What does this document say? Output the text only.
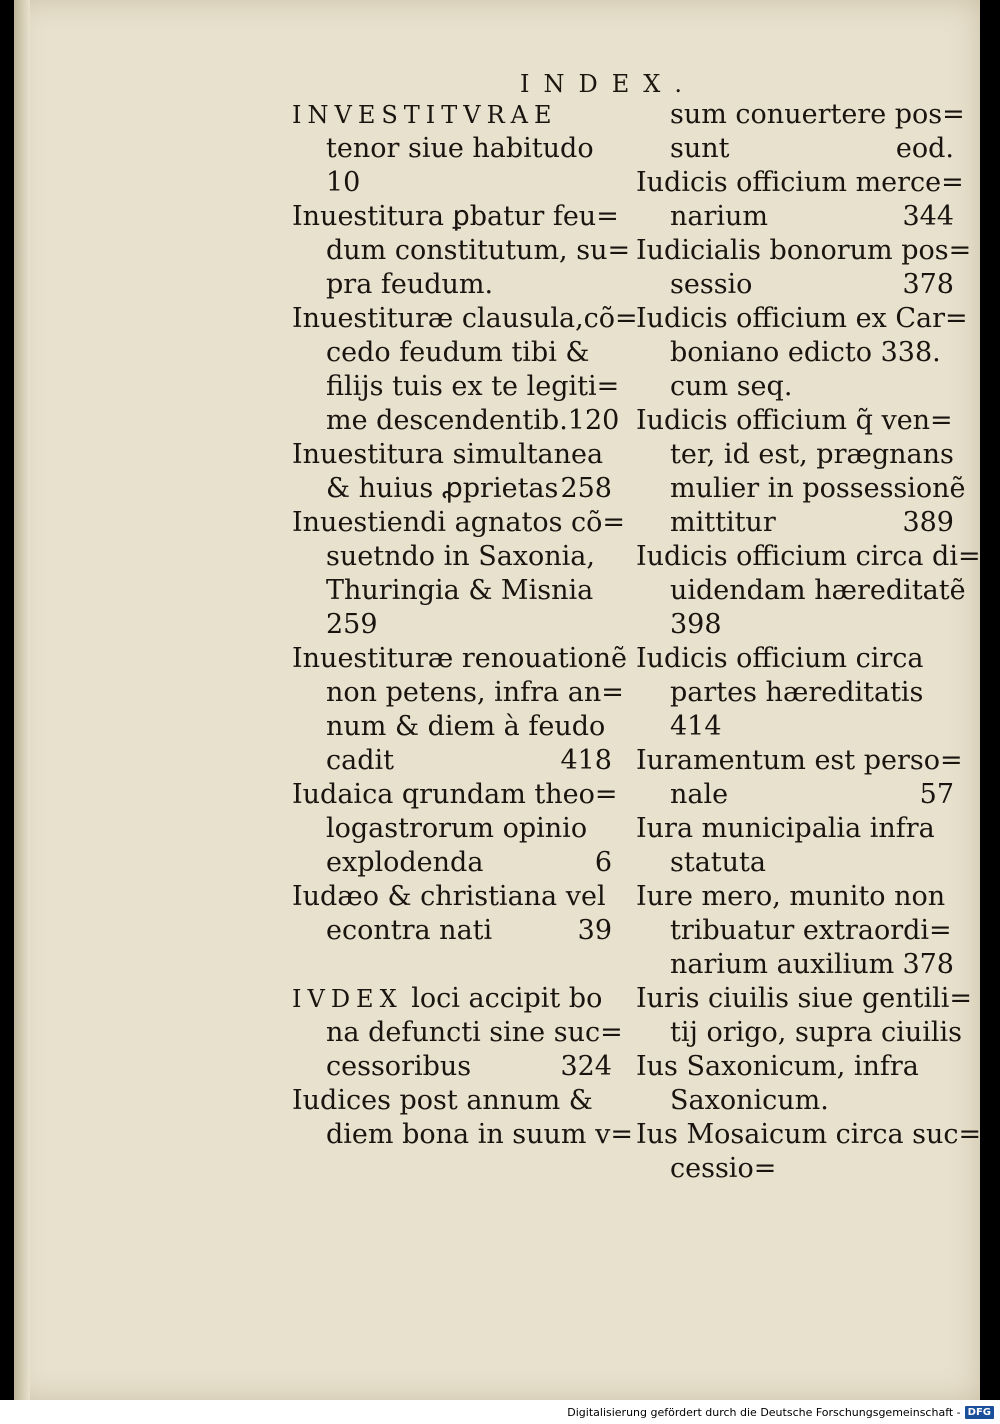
INDEX.
INVESTITVRAE
tenor siue habitudo
10
Inuestitura ꝑbatur feu=
dum constitutum, su=
pra feudum.
Inuestituræ clausula,cõ=
cedo feudum tibi &
filijs tuis ex te legiti=
me descendentib. 120
Inuestitura simultanea
& huius ꝓprietas 258
Inuestiendi agnatos cõ=
suetndo in Saxonia,
Thuringia & Misnia
259
Inuestituræ renouationẽ
non petens, infra an=
num & diem à feudo
cadit	418
Iudaica qrundam theo=
logastrorum opinio
explodenda	6
Iudæo & christiana vel
econtra nati	39
IVDEX loci accipit bo
na defuncti sine suc=
cessoribus	324
Iudices post annum &
diem bona in suum v=
sum conuertere pos=
sunt	eod.
Iudicis officium merce=
narium	344
Iudicialis bonorum pos=
sessio	378
Iudicis officium ex Car=
boniano edicto 338.
cum seq.
Iudicis officium q̃ ven=
ter, id est, prægnans
mulier in possessionẽ
mittitur	389
Iudicis officium circa di=
uidendam hæreditatẽ
398
Iudicis officium circa
partes hæreditatis
414
Iuramentum est perso=
nale	57
Iura municipalia infra
statuta
Iure mero, munito non
tribuatur extraordi=
narium auxilium 378
Iuris ciuilis siue gentili=
tij origo, supra ciuilis
Ius Saxonicum, infra
Saxonicum.
Ius Mosaicum circa suc=
cessio=
Digitalisierung gefördert durch die Deutsche Forschungsgemeinschaft - DFG
